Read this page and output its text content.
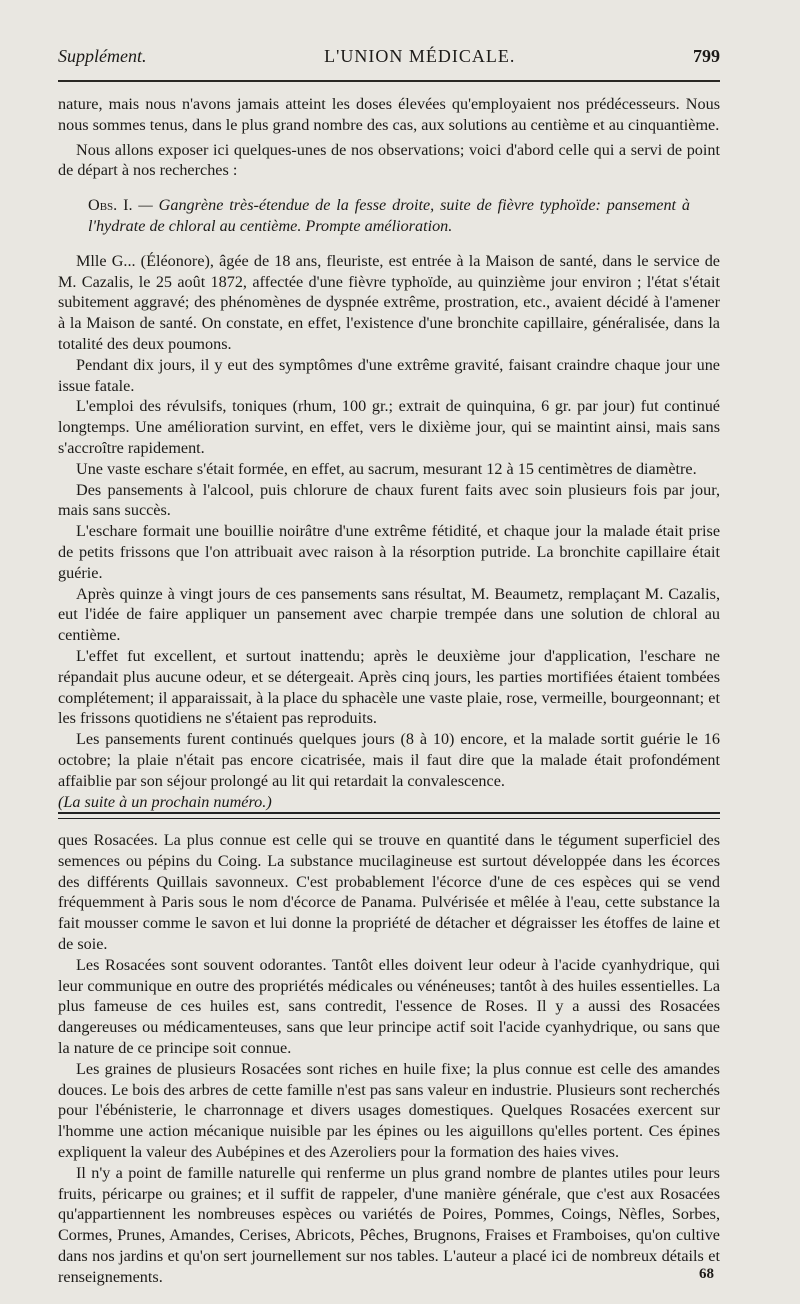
Supplément.	L'UNION MÉDICALE.	799

nature, mais nous n'avons jamais atteint les doses élevées qu'employaient nos prédécesseurs. Nous nous sommes tenus, dans le plus grand nombre des cas, aux solutions au centième et au cinquantième.

Nous allons exposer ici quelques-unes de nos observations; voici d'abord celle qui a servi de point de départ à nos recherches :

Obs. I. — Gangrène très-étendue de la fesse droite, suite de fièvre typhoïde: pansement à l'hydrate de chloral au centième. Prompte amélioration.

Mlle G... (Éléonore), âgée de 18 ans, fleuriste, est entrée à la Maison de santé, dans le service de M. Cazalis, le 25 août 1872, affectée d'une fièvre typhoïde, au quinzième jour environ ; l'état s'était subitement aggravé; des phénomènes de dyspnée extrême, prostration, etc., avaient décidé à l'amener à la Maison de santé. On constate, en effet, l'existence d'une bronchite capillaire, généralisée, dans la totalité des deux poumons.

Pendant dix jours, il y eut des symptômes d'une extrême gravité, faisant craindre chaque jour une issue fatale.

L'emploi des révulsifs, toniques (rhum, 100 gr.; extrait de quinquina, 6 gr. par jour) fut continué longtemps. Une amélioration survint, en effet, vers le dixième jour, qui se maintint ainsi, mais sans s'accroître rapidement.

Une vaste eschare s'était formée, en effet, au sacrum, mesurant 12 à 15 centimètres de diamètre.

Des pansements à l'alcool, puis chlorure de chaux furent faits avec soin plusieurs fois par jour, mais sans succès.

L'eschare formait une bouillie noirâtre d'une extrême fétidité, et chaque jour la malade était prise de petits frissons que l'on attribuait avec raison à la résorption putride. La bronchite capillaire était guérie.

Après quinze à vingt jours de ces pansements sans résultat, M. Beaumetz, remplaçant M. Cazalis, eut l'idée de faire appliquer un pansement avec charpie trempée dans une solution de chloral au centième.

L'effet fut excellent, et surtout inattendu; après le deuxième jour d'application, l'eschare ne répandait plus aucune odeur, et se détergeait. Après cinq jours, les parties mortifiées étaient tombées complétement; il apparaissait, à la place du sphacèle une vaste plaie, rose, vermeille, bourgeonnant; et les frissons quotidiens ne s'étaient pas reproduits.

Les pansements furent continués quelques jours (8 à 10) encore, et la malade sortit guérie le 16 octobre; la plaie n'était pas encore cicatrisée, mais il faut dire que la malade était profondément affaiblie par son séjour prolongé au lit qui retardait la convalescence.

(La suite à un prochain numéro.)

ques Rosacées. La plus connue est celle qui se trouve en quantité dans le tégument superficiel des semences ou pépins du Coing. La substance mucilagineuse est surtout développée dans les écorces des différents Quillais savonneux. C'est probablement l'écorce d'une de ces espèces qui se vend fréquemment à Paris sous le nom d'écorce de Panama. Pulvérisée et mêlée à l'eau, cette substance la fait mousser comme le savon et lui donne la propriété de détacher et dégraisser les étoffes de laine et de soie.

Les Rosacées sont souvent odorantes. Tantôt elles doivent leur odeur à l'acide cyanhydrique, qui leur communique en outre des propriétés médicales ou vénéneuses; tantôt à des huiles essentielles. La plus fameuse de ces huiles est, sans contredit, l'essence de Roses. Il y a aussi des Rosacées dangereuses ou médicamenteuses, sans que leur principe actif soit l'acide cyanhydrique, ou sans que la nature de ce principe soit connue.

Les graines de plusieurs Rosacées sont riches en huile fixe; la plus connue est celle des amandes douces. Le bois des arbres de cette famille n'est pas sans valeur en industrie. Plusieurs sont recherchés pour l'ébénisterie, le charronnage et divers usages domestiques. Quelques Rosacées exercent sur l'homme une action mécanique nuisible par les épines ou les aiguillons qu'elles portent. Ces épines expliquent la valeur des Aubépines et des Azeroliers pour la formation des haies vives.

Il n'y a point de famille naturelle qui renferme un plus grand nombre de plantes utiles pour leurs fruits, péricarpe ou graines; et il suffit de rappeler, d'une manière générale, que c'est aux Rosacées qu'appartiennent les nombreuses espèces ou variétés de Poires, Pommes, Coings, Nèfles, Sorbes, Cormes, Prunes, Amandes, Cerises, Abricots, Pêches, Brugnons, Fraises et Framboises, qu'on cultive dans nos jardins et qu'on sert journellement sur nos tables. L'auteur a placé ici de nombreux détails et renseignements.	68
